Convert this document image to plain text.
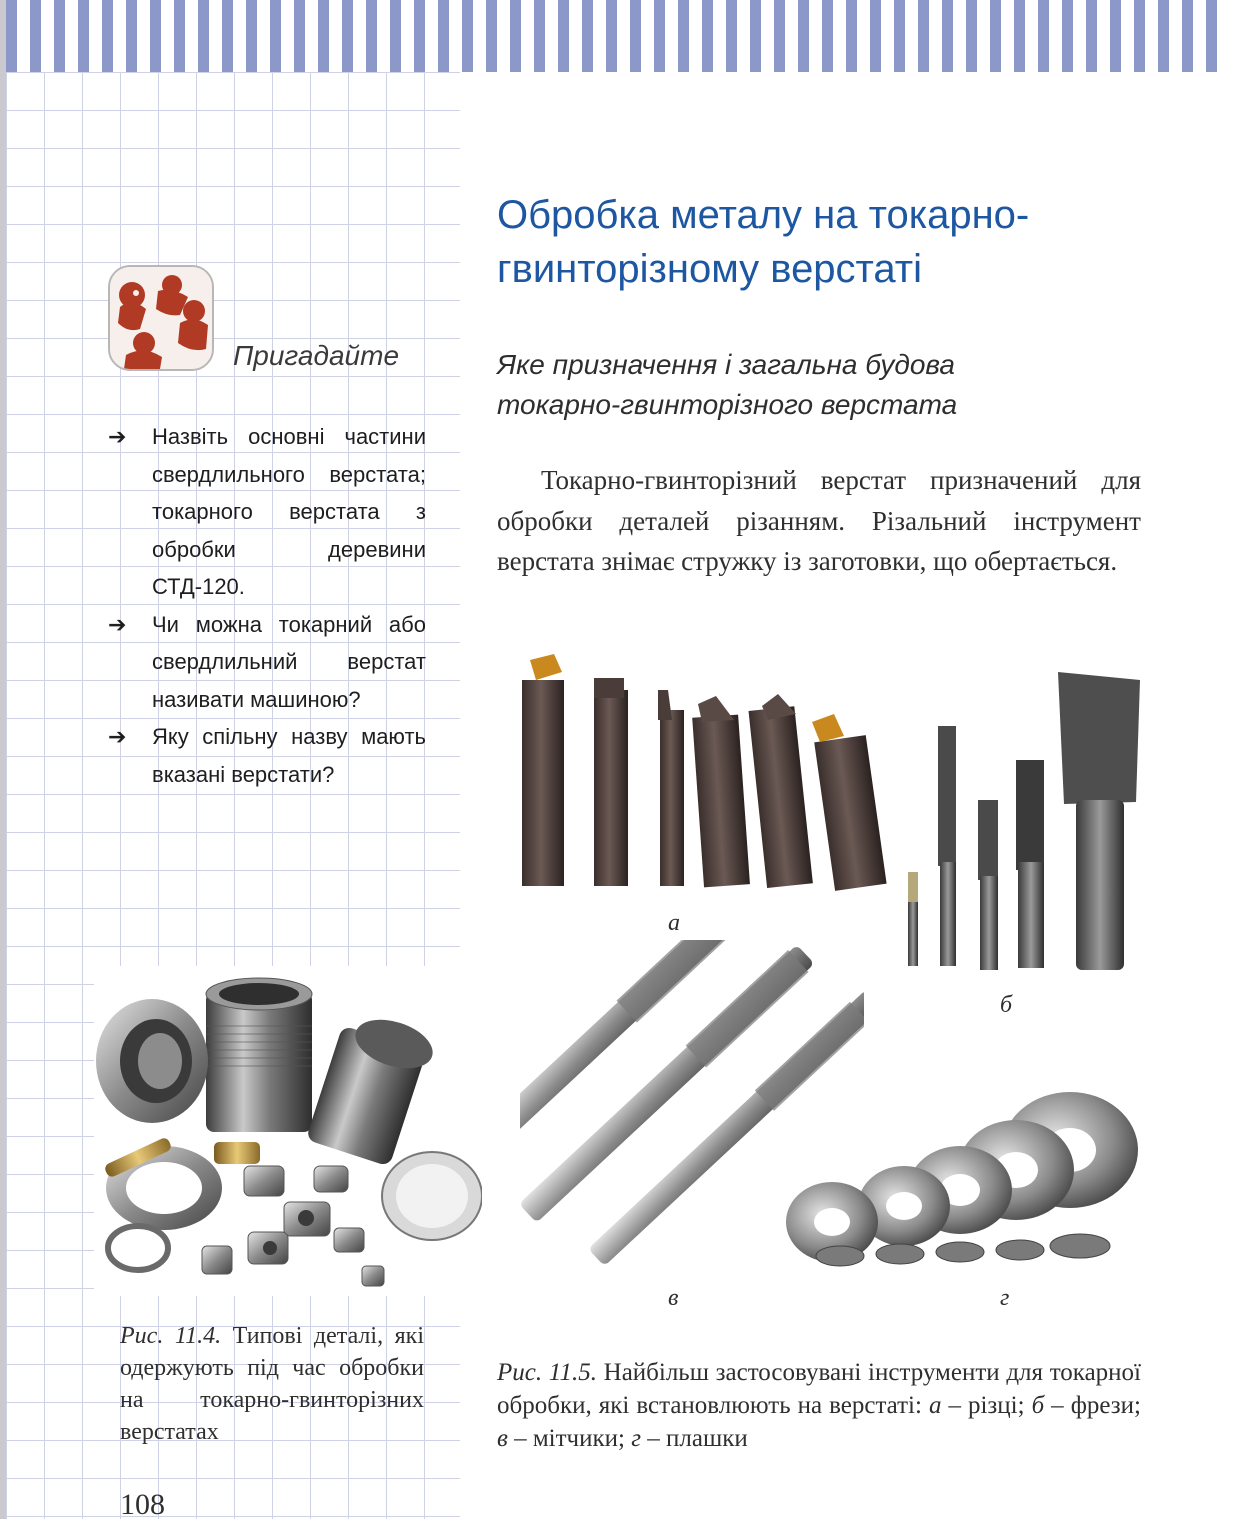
Пригадайте
➔	Назвіть основні частини свердлильного верстата; токарного верстата з обробки деревини СТД-120.
➔	Чи можна токарний або свердлильний верстат називати машиною?
➔	Яку спільну назву мають вказані верстати?
Рис. 11.4. Типові деталі, які одержують під час обробки на токарно-гвинторізних верстатах
108
Обробка металу на токарно-
гвинторізному верстаті
Яке призначення і загальна будова
токарно-гвинторізного верстата
Токарно-гвинторізний верстат призначений для обробки деталей різанням. Різальний інструмент верстата знімає стружку із заготовки, що обертається.
а
б
в	г
Рис. 11.5. Найбільш застосовувані інструменти для токарної обробки, які встановлюють на верстаті: а – різці; б – фрези; в – мітчики; г – плашки
